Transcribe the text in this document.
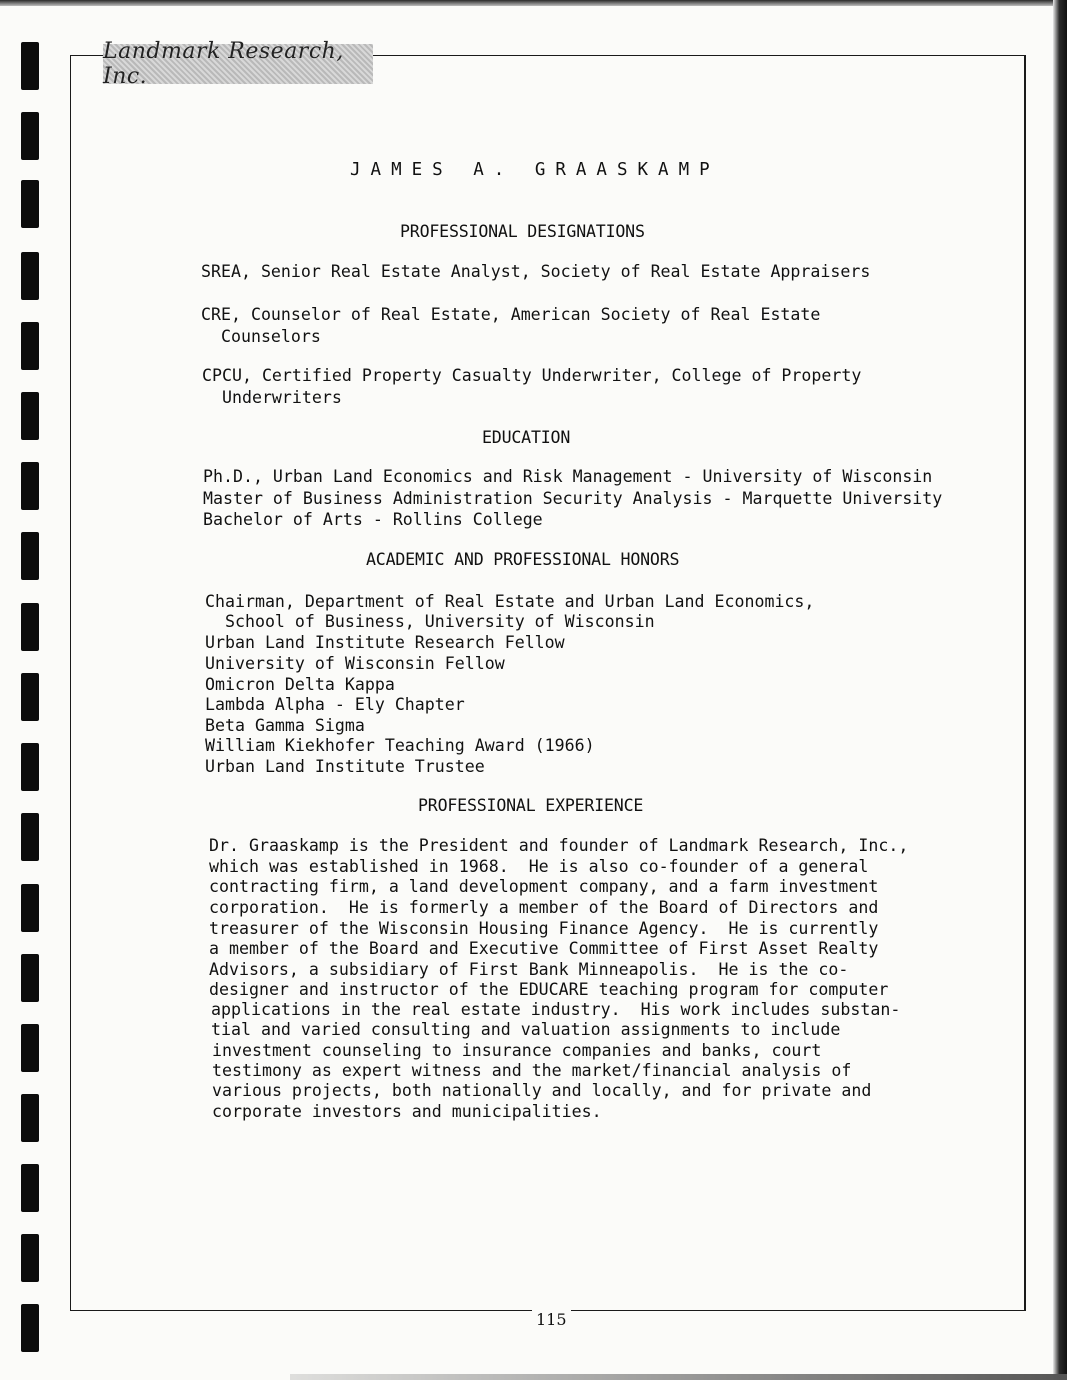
Landmark Research, Inc.
JAMES A. GRAASKAMP
PROFESSIONAL DESIGNATIONS
SREA, Senior Real Estate Analyst, Society of Real Estate Appraisers
CRE, Counselor of Real Estate, American Society of Real Estate
Counselors
CPCU, Certified Property Casualty Underwriter, College of Property
Underwriters
EDUCATION
Ph.D., Urban Land Economics and Risk Management - University of Wisconsin
Master of Business Administration Security Analysis - Marquette University
Bachelor of Arts - Rollins College
ACADEMIC AND PROFESSIONAL HONORS
Chairman, Department of Real Estate and Urban Land Economics,
School of Business, University of Wisconsin
Urban Land Institute Research Fellow
University of Wisconsin Fellow
Omicron Delta Kappa
Lambda Alpha - Ely Chapter
Beta Gamma Sigma
William Kiekhofer Teaching Award (1966)
Urban Land Institute Trustee
PROFESSIONAL EXPERIENCE
Dr. Graaskamp is the President and founder of Landmark Research, Inc.,
which was established in 1968.  He is also co-founder of a general
contracting firm, a land development company, and a farm investment
corporation.  He is formerly a member of the Board of Directors and
treasurer of the Wisconsin Housing Finance Agency.  He is currently
a member of the Board and Executive Committee of First Asset Realty
Advisors, a subsidiary of First Bank Minneapolis.  He is the co-
designer and instructor of the EDUCARE teaching program for computer
applications in the real estate industry.  His work includes substan-
tial and varied consulting and valuation assignments to include
investment counseling to insurance companies and banks, court
testimony as expert witness and the market/financial analysis of
various projects, both nationally and locally, and for private and
corporate investors and municipalities.
115
